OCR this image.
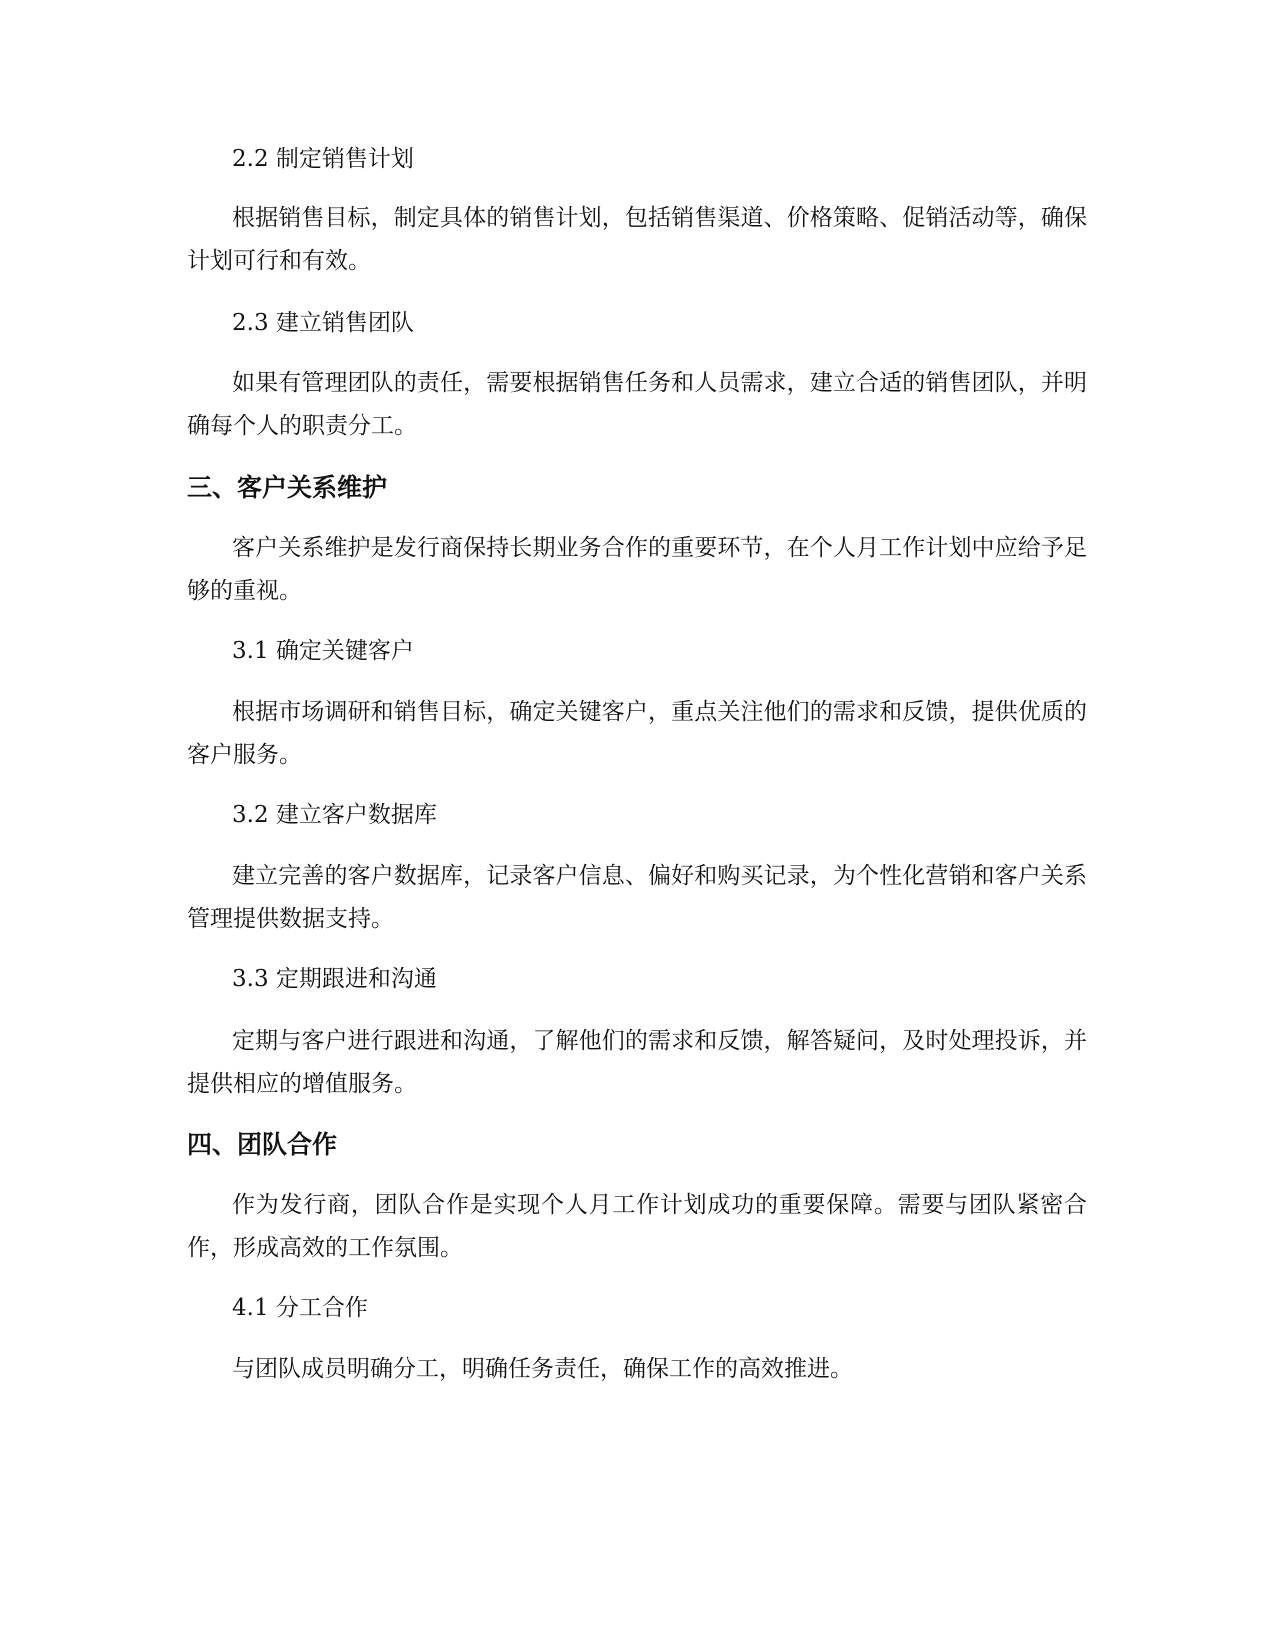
2.2 制定销售计划

根据销售目标，制定具体的销售计划，包括销售渠道、价格策略、促销活动等，确保计划可行和有效。

2.3 建立销售团队

如果有管理团队的责任，需要根据销售任务和人员需求，建立合适的销售团队，并明确每个人的职责分工。

三、客户关系维护

客户关系维护是发行商保持长期业务合作的重要环节，在个人月工作计划中应给予足够的重视。

3.1 确定关键客户

根据市场调研和销售目标，确定关键客户，重点关注他们的需求和反馈，提供优质的客户服务。

3.2 建立客户数据库

建立完善的客户数据库，记录客户信息、偏好和购买记录，为个性化营销和客户关系管理提供数据支持。

3.3 定期跟进和沟通

定期与客户进行跟进和沟通，了解他们的需求和反馈，解答疑问，及时处理投诉，并提供相应的增值服务。

四、团队合作

作为发行商，团队合作是实现个人月工作计划成功的重要保障。需要与团队紧密合作，形成高效的工作氛围。

4.1 分工合作

与团队成员明确分工，明确任务责任，确保工作的高效推进。
